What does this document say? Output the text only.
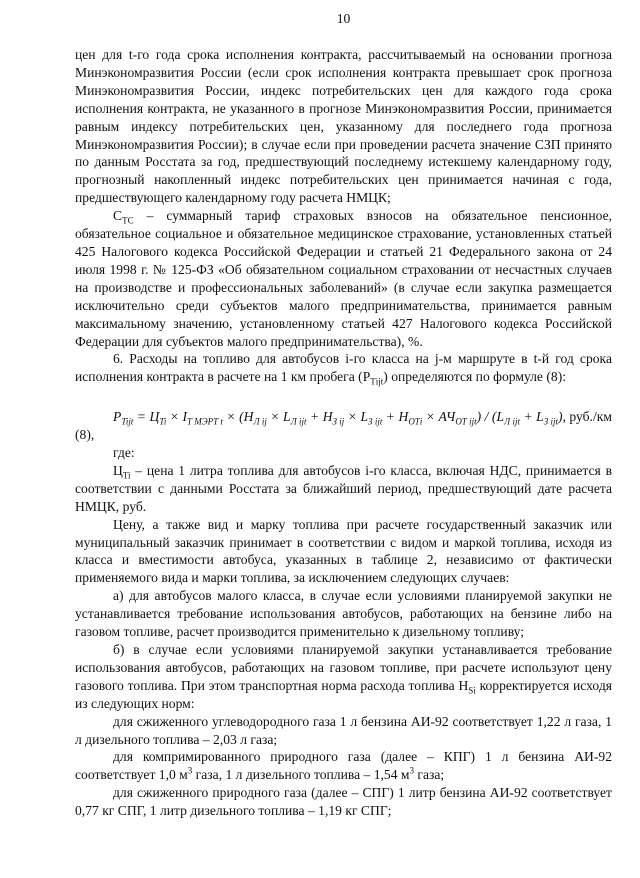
10

цен для t-го года срока исполнения контракта, рассчитываемый на основании прогноза Минэкономразвития России (если срок исполнения контракта превышает срок прогноза Минэкономразвития России, индекс потребительских цен для каждого года срока исполнения контракта, не указанного в прогнозе Минэкономразвития России, принимается равным индексу потребительских цен, указанному для последнего года прогноза Минэкономразвития России); в случае если при проведении расчета значение СЗП принято по данным Росстата за год, предшествующий последнему истекшему календарному году, прогнозный накопленный индекс потребительских цен принимается начиная с года, предшествующего календарному году расчета НМЦК;

$С_{ТС}$ – суммарный тариф страховых взносов на обязательное пенсионное, обязательное социальное и обязательное медицинское страхование, установленных статьей 425 Налогового кодекса Российской Федерации и статьей 21 Федерального закона от 24 июля 1998 г. № 125-ФЗ «Об обязательном социальном страховании от несчастных случаев на производстве и профессиональных заболеваний» (в случае если закупка размещается исключительно среди субъектов малого предпринимательства, принимается равным максимальному значению, установленному статьей 427 Налогового кодекса Российской Федерации для субъектов малого предпринимательства), %.

6. Расходы на топливо для автобусов i-го класса на j-м маршруте в t-й год срока исполнения контракта в расчете на 1 км пробега $(Р_{Тijt})$ определяются по формуле (8):

$P_{Tijt} = Ц_{Ti} \times I_{T МЭРТ t} \times (Н_{Л ij} \times L_{Л ijt} + Н_{З ij} \times L_{З ijt} + Н_{ОТi} \times АЧ_{ОТ ijt}) / (L_{Л ijt} + L_{З ijt})$, руб./км (8),

где:

$Ц_{Ti}$ – цена 1 литра топлива для автобусов i-го класса, включая НДС, принимается в соответствии с данными Росстата за ближайший период, предшествующий дате расчета НМЦК, руб.

Цену, а также вид и марку топлива при расчете государственный заказчик или муниципальный заказчик принимает в соответствии с видом и маркой топлива, исходя из класса и вместимости автобуса, указанных в таблице 2, независимо от фактически применяемого вида и марки топлива, за исключением следующих случаев:

а) для автобусов малого класса, в случае если условиями планируемой закупки не устанавливается требование использования автобусов, работающих на бензине либо на газовом топливе, расчет производится применительно к дизельному топливу;

б) в случае если условиями планируемой закупки устанавливается требование использования автобусов, работающих на газовом топливе, при расчете используют цену газового топлива. При этом транспортная норма расхода топлива $Н_{Si}$ корректируется исходя из следующих норм:

для сжиженного углеводородного газа 1 л бензина АИ-92 соответствует 1,22 л газа, 1 л дизельного топлива – 2,03 л газа;

для компримированного природного газа (далее – КПГ) 1 л бензина АИ-92 соответствует 1,0 $м^3$ газа, 1 л дизельного топлива – 1,54 $м^3$ газа;

для сжиженного природного газа (далее – СПГ) 1 литр бензина АИ-92 соответствует 0,77 кг СПГ, 1 литр дизельного топлива – 1,19 кг СПГ;
